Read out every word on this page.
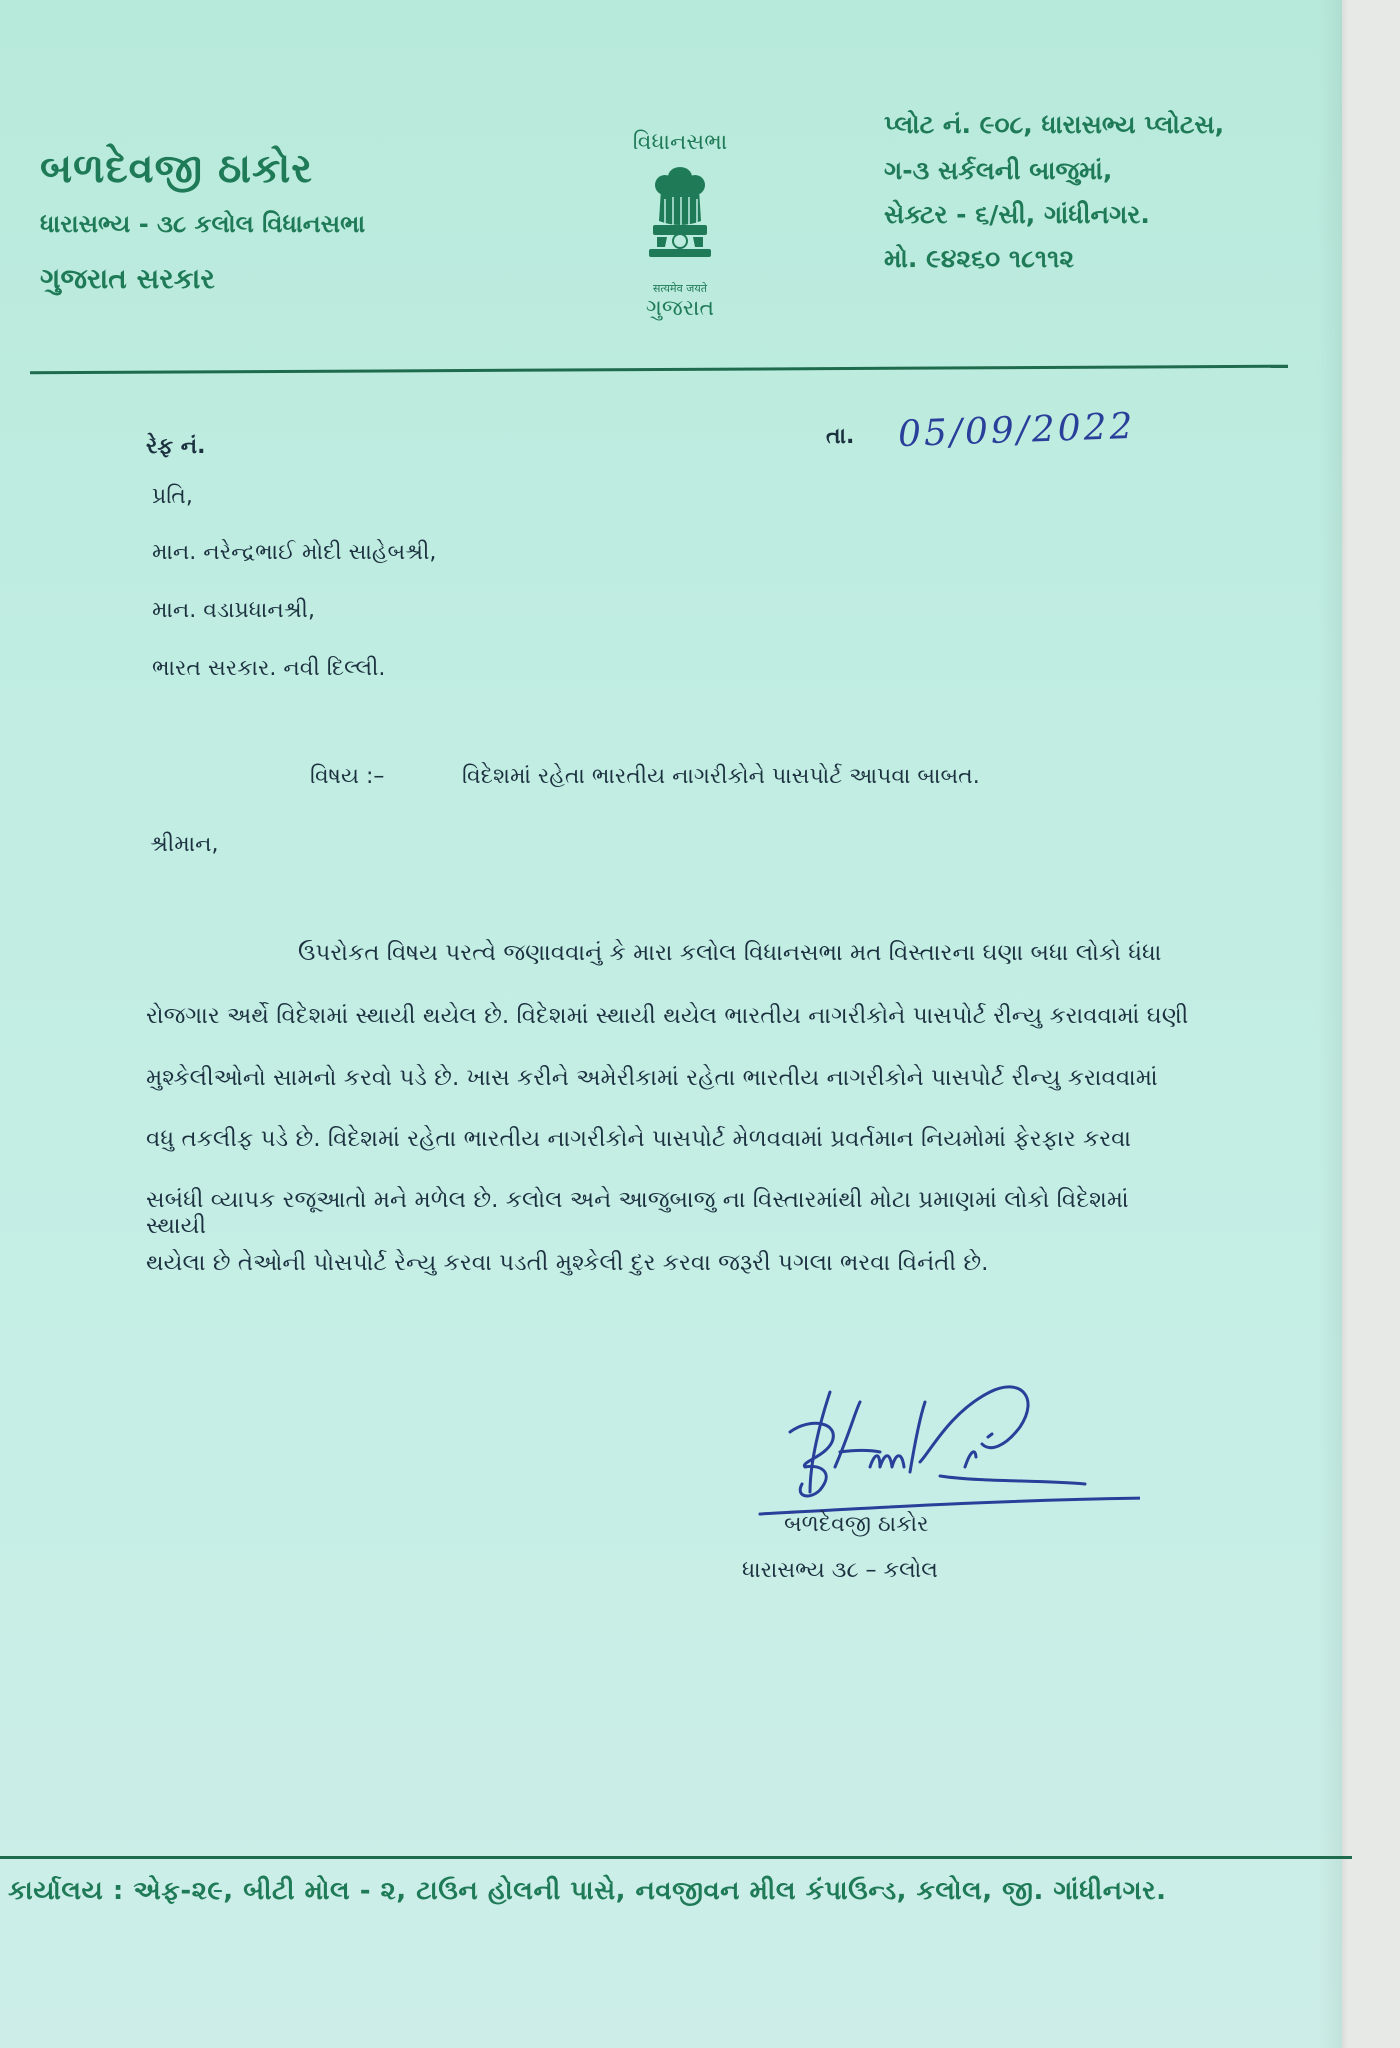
બળદેવજી ઠાકોર
ધારાસભ્ય - ૩૮ કલોલ વિધાનસભા
ગુજરાત સરકાર
વિધાનસભા
सत्यमेव जयते
ગુજરાત
પ્લોટ નં. ૯૦૮, ધારાસભ્ય પ્લોટસ,
ગ-૩ સર્કલની બાજુમાં,
સેક્ટર - ૬/સી, ગાંધીનગર.
મો. ૯૪૨૬૦ ૧૮૧૧૨
રેફ નં.	તા. 05/09/2022
પ્રતિ,
માન. નરેન્દ્રભાઈ મોદી સાહેબશ્રી,
માન. વડાપ્રધાનશ્રી,
ભારત સરકાર. નવી દિલ્લી.
વિષય :–	વિદેશમાં રહેતા ભારતીય નાગરીકોને પાસપોર્ટ આપવા બાબત.
શ્રીમાન,
ઉપરોકત વિષય પરત્વે જણાવવાનું કે મારા કલોલ વિધાનસભા મત વિસ્તારના ઘણા બધા લોકો ધંધા
રોજગાર અર્થે વિદેશમાં સ્થાયી થયેલ છે. વિદેશમાં સ્થાયી થયેલ ભારતીય નાગરીકોને પાસપોર્ટ રીન્યુ કરાવવામાં ઘણી
મુશ્કેલીઓનો સામનો કરવો પડે છે. ખાસ કરીને અમેરીકામાં રહેતા ભારતીય નાગરીકોને પાસપોર્ટ રીન્યુ કરાવવામાં
વધુ તકલીફ પડે છે. વિદેશમાં રહેતા ભારતીય નાગરીકોને પાસપોર્ટ મેળવવામાં પ્રવર્તમાન નિયમોમાં ફેરફાર કરવા
સબંધી વ્યાપક રજૂઆતો મને મળેલ છે. કલોલ અને આજુબાજુ ના વિસ્તારમાંથી મોટા પ્રમાણમાં લોકો વિદેશમાં સ્થાયી
થયેલા છે તેઓની પોસપોર્ટ રેન્યુ કરવા પડતી મુશ્કેલી દુર કરવા જરૂરી પગલા ભરવા વિનંતી છે.
બળદેવજી ઠાકોર
ધારાસભ્ય ૩૮ – કલોલ
કાર્યાલય : એફ-૨૯, બીટી મોલ - ૨, ટાઉન હોલની પાસે, નવજીવન મીલ કંપાઉન્ડ, કલોલ, જી. ગાંધીનગર.
